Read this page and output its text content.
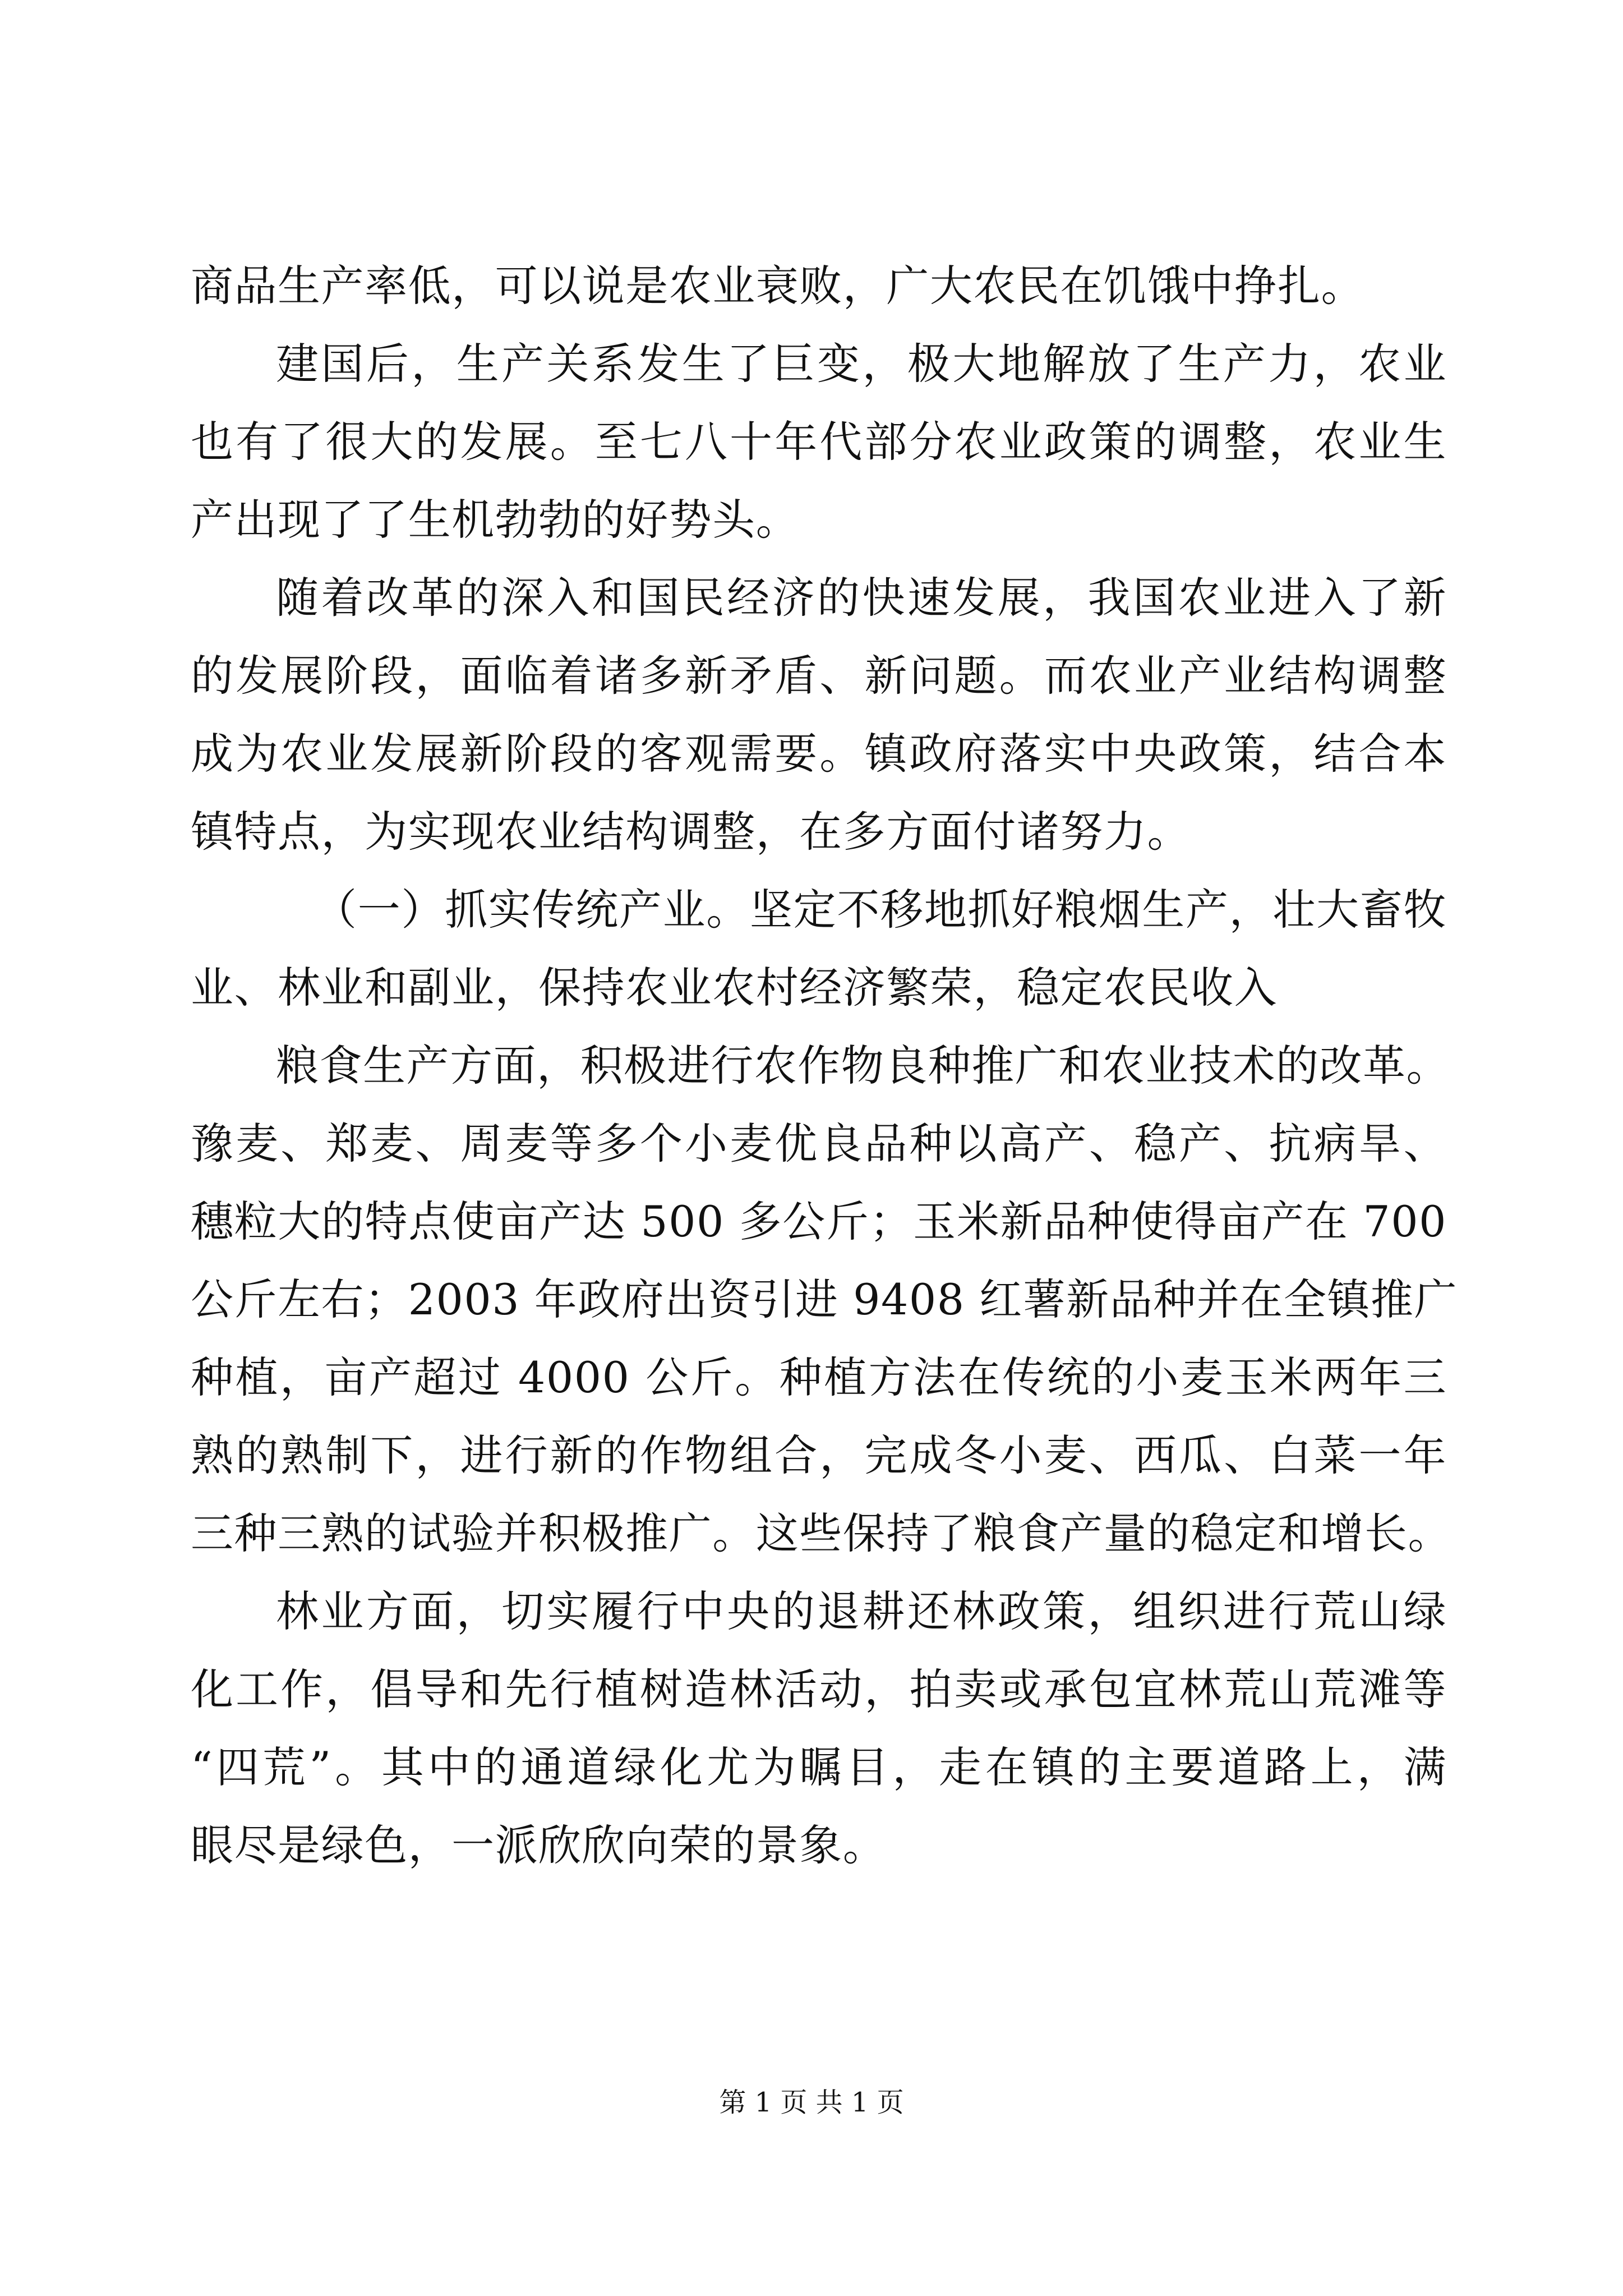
商品生产率低，可以说是农业衰败，广大农民在饥饿中挣扎。
建国后，生产关系发生了巨变，极大地解放了生产力，农业
也有了很大的发展。至七八十年代部分农业政策的调整，农业生
产出现了了生机勃勃的好势头。
随着改革的深入和国民经济的快速发展，我国农业进入了新
的发展阶段，面临着诸多新矛盾、新问题。而农业产业结构调整
成为农业发展新阶段的客观需要。镇政府落实中央政策，结合本
镇特点，为实现农业结构调整，在多方面付诸努力。
（一）抓实传统产业。坚定不移地抓好粮烟生产，壮大畜牧
业、林业和副业，保持农业农村经济繁荣，稳定农民收入
粮食生产方面，积极进行农作物良种推广和农业技术的改革。
豫麦、郑麦、周麦等多个小麦优良品种以高产、稳产、抗病旱、
穗粒大的特点使亩产达 500 多公斤；玉米新品种使得亩产在 700
公斤左右；2003 年政府出资引进 9408 红薯新品种并在全镇推广
种植，亩产超过 4000 公斤。种植方法在传统的小麦玉米两年三
熟的熟制下，进行新的作物组合，完成冬小麦、西瓜、白菜一年
三种三熟的试验并积极推广。这些保持了粮食产量的稳定和增长。
林业方面，切实履行中央的退耕还林政策，组织进行荒山绿
化工作，倡导和先行植树造林活动，拍卖或承包宜林荒山荒滩等
“四荒”。其中的通道绿化尤为瞩目，走在镇的主要道路上，满
眼尽是绿色，一派欣欣向荣的景象。
第 1 页 共 1 页
